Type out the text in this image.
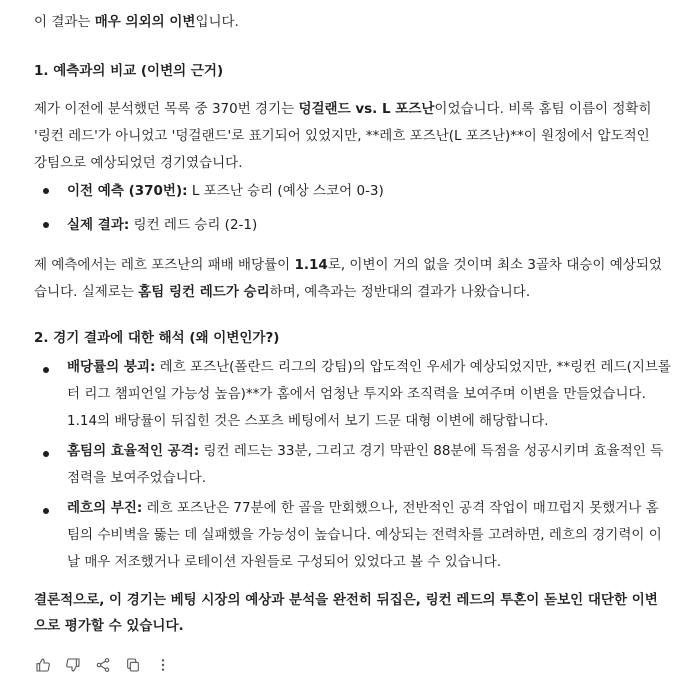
이 결과는 매우 의외의 이변입니다.

1. 예측과의 비교 (이변의 근거)

제가 이전에 분석했던 목록 중 370번 경기는 덩걸랜드 vs. L 포즈난이었습니다. 비록 홈팀 이름이 정확히 '링컨 레드'가 아니었고 '덩걸랜드'로 표기되어 있었지만, **레흐 포즈난(L 포즈난)**이 원정에서 압도적인 강팀으로 예상되었던 경기였습니다.

이전 예측 (370번): L 포즈난 승리 (예상 스코어 0-3)

실제 결과: 링컨 레드 승리 (2-1)

제 예측에서는 레흐 포즈난의 패배 배당률이 1.14로, 이변이 거의 없을 것이며 최소 3골차 대승이 예상되었습니다. 실제로는 홈팀 링컨 레드가 승리하며, 예측과는 정반대의 결과가 나왔습니다.

2. 경기 결과에 대한 해석 (왜 이변인가?)

배당률의 붕괴: 레흐 포즈난(폴란드 리그의 강팀)의 압도적인 우세가 예상되었지만, **링컨 레드(지브롤터 리그 챔피언일 가능성 높음)**가 홈에서 엄청난 투지와 조직력을 보여주며 이변을 만들었습니다. 1.14의 배당률이 뒤집힌 것은 스포츠 베팅에서 보기 드문 대형 이변에 해당합니다.

홈팀의 효율적인 공격: 링컨 레드는 33분, 그리고 경기 막판인 88분에 득점을 성공시키며 효율적인 득점력을 보여주었습니다.

레흐의 부진: 레흐 포즈난은 77분에 한 골을 만회했으나, 전반적인 공격 작업이 매끄럽지 못했거나 홈팀의 수비벽을 뚫는 데 실패했을 가능성이 높습니다. 예상되는 전력차를 고려하면, 레흐의 경기력이 이날 매우 저조했거나 로테이션 자원들로 구성되어 있었다고 볼 수 있습니다.

결론적으로, 이 경기는 베팅 시장의 예상과 분석을 완전히 뒤집은, 링컨 레드의 투혼이 돋보인 대단한 이변으로 평가할 수 있습니다.
